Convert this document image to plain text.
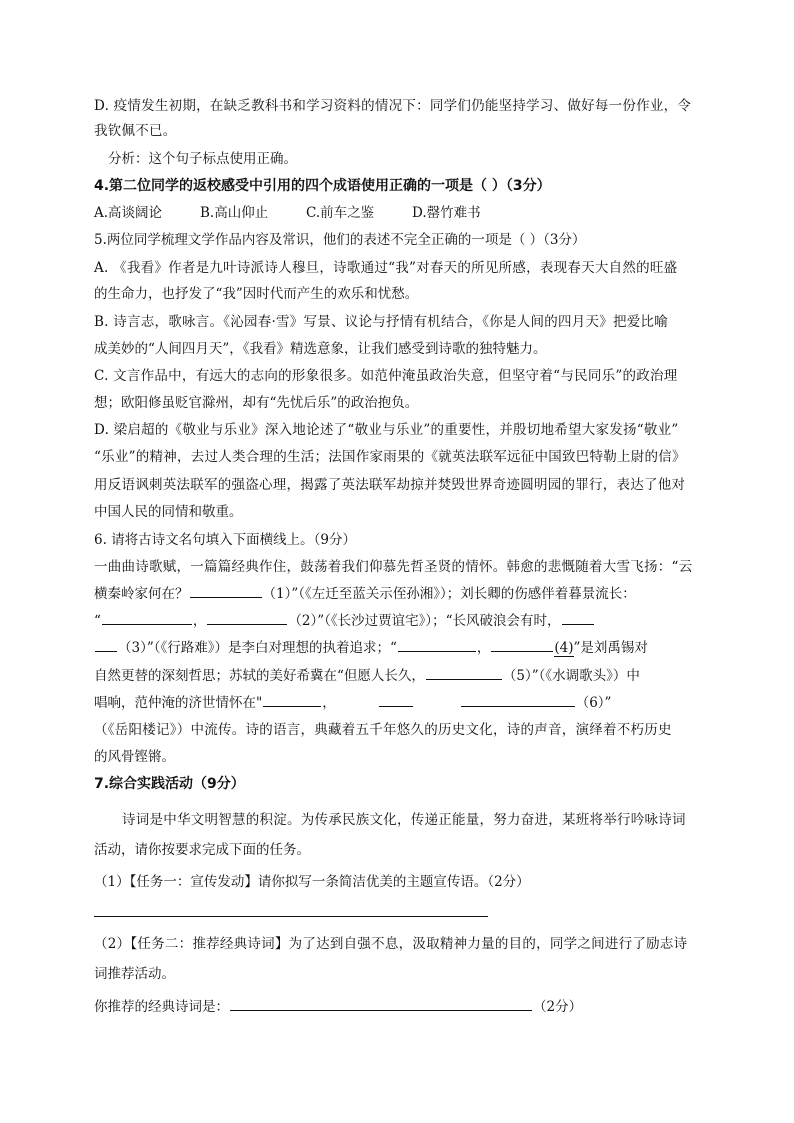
D. 疫情发生初期，在缺乏教科书和学习资料的情况下：同学们仍能坚持学习、做好每一份作业，令
我钦佩不已。
分析：这个句子标点使用正确。
4.第二位同学的返校感受中引用的四个成语使用正确的一项是（ ）（3分）
A.高谈阔论	B.高山仰止	C.前车之鉴	D.罄竹难书
5.两位同学梳理文学作品内容及常识，他们的表述不完全正确的一项是（ ）（3分）
A. 《我看》作者是九叶诗派诗人穆旦，诗歌通过“我”对春天的所见所感，表现春天大自然的旺盛
的生命力，也抒发了“我”因时代而产生的欢乐和忧愁。
B. 诗言志，歌咏言。《沁园春·雪》写景、议论与抒情有机结合，《你是人间的四月天》把爱比喻
成美妙的“人间四月天”，《我看》精选意象，让我们感受到诗歌的独特魅力。
C. 文言作品中，有远大的志向的形象很多。如范仲淹虽政治失意，但坚守着“与民同乐”的政治理
想；欧阳修虽贬官滁州，却有“先忧后乐”的政治抱负。
D. 梁启超的《敬业与乐业》深入地论述了“敬业与乐业”的重要性，并殷切地希望大家发扬“敬业”
“乐业”的精神，去过人类合理的生活；法国作家雨果的《就英法联军远征中国致巴特勒上尉的信》
用反语讽刺英法联军的强盗心理，揭露了英法联军劫掠并焚毁世界奇迹圆明园的罪行，表达了他对
中国人民的同情和敬重。
6. 请将古诗文名句填入下面横线上。（9分）
一曲曲诗歌赋，一篇篇经典作住，鼓荡着我们仰慕先哲圣贤的情怀。韩愈的悲慨随着大雪飞扬：“云
横秦岭家何在？	（1）”（《左迁至蓝关示侄孙湘》）；刘长卿的伤感伴着暮景流长：
“	，	（2）”（《长沙过贾谊宅》）；“长风破浪会有时，
（3）”（《行路难》）是李白对理想的执着追求；“	，	(4)”是刘禹锡对
自然更替的深刻哲思；苏轼的美好希冀在“但愿人长久，	（5）”（《水调歌头》）中
唱响，范仲淹的济世情怀在"	，	（6）”
（《岳阳楼记》）中流传。诗的语言，典藏着五千年悠久的历史文化，诗的声音，演绎着不朽历史
的风骨铿锵。
7.综合实践活动（9分）
诗词是中华文明智慧的积淀。为传承民族文化，传递正能量，努力奋进，某班将举行吟咏诗词
活动，请你按要求完成下面的任务。
（1）【任务一：宣传发动】请你拟写一条简洁优美的主题宣传语。（2分）
（2）【任务二：推荐经典诗词】为了达到自强不息，汲取精神力量的目的，同学之间进行了励志诗
词推荐活动。
你推荐的经典诗词是：	（2分）
